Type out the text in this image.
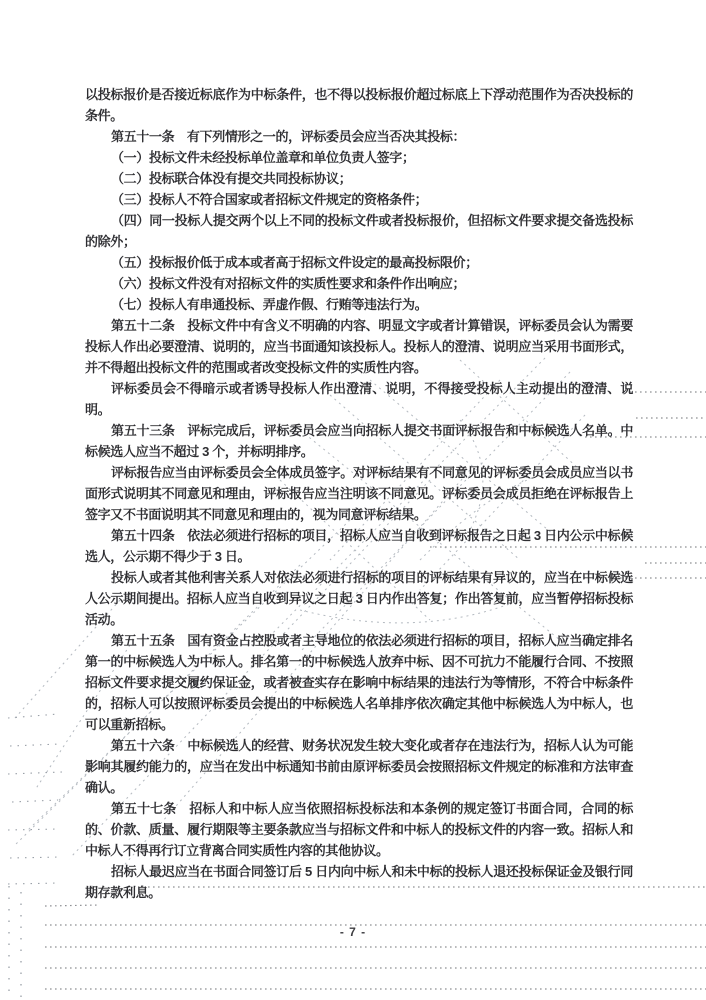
以投标报价是否接近标底作为中标条件，也不得以投标报价超过标底上下浮动范围作为否决投标的条件。

第五十一条　有下列情形之一的，评标委员会应当否决其投标：

（一）投标文件未经投标单位盖章和单位负责人签字；

（二）投标联合体没有提交共同投标协议；

（三）投标人不符合国家或者招标文件规定的资格条件；

（四）同一投标人提交两个以上不同的投标文件或者投标报价，但招标文件要求提交备选投标的除外；

（五）投标报价低于成本或者高于招标文件设定的最高投标限价；

（六）投标文件没有对招标文件的实质性要求和条件作出响应；

（七）投标人有串通投标、弄虚作假、行贿等违法行为。

第五十二条　投标文件中有含义不明确的内容、明显文字或者计算错误，评标委员会认为需要投标人作出必要澄清、说明的，应当书面通知该投标人。投标人的澄清、说明应当采用书面形式，并不得超出投标文件的范围或者改变投标文件的实质性内容。

评标委员会不得暗示或者诱导投标人作出澄清、说明，不得接受投标人主动提出的澄清、说明。

第五十三条　评标完成后，评标委员会应当向招标人提交书面评标报告和中标候选人名单。中标候选人应当不超过 3 个，并标明排序。

评标报告应当由评标委员会全体成员签字。对评标结果有不同意见的评标委员会成员应当以书面形式说明其不同意见和理由，评标报告应当注明该不同意见。评标委员会成员拒绝在评标报告上签字又不书面说明其不同意见和理由的，视为同意评标结果。

第五十四条　依法必须进行招标的项目，招标人应当自收到评标报告之日起 3 日内公示中标候选人，公示期不得少于 3 日。

投标人或者其他利害关系人对依法必须进行招标的项目的评标结果有异议的，应当在中标候选人公示期间提出。招标人应当自收到异议之日起 3 日内作出答复；作出答复前，应当暂停招标投标活动。

第五十五条　国有资金占控股或者主导地位的依法必须进行招标的项目，招标人应当确定排名第一的中标候选人为中标人。排名第一的中标候选人放弃中标、因不可抗力不能履行合同、不按照招标文件要求提交履约保证金，或者被查实存在影响中标结果的违法行为等情形，不符合中标条件的，招标人可以按照评标委员会提出的中标候选人名单排序依次确定其他中标候选人为中标人，也可以重新招标。

第五十六条　中标候选人的经营、财务状况发生较大变化或者存在违法行为，招标人认为可能影响其履约能力的，应当在发出中标通知书前由原评标委员会按照招标文件规定的标准和方法审查确认。

第五十七条　招标人和中标人应当依照招标投标法和本条例的规定签订书面合同，合同的标的、价款、质量、履行期限等主要条款应当与招标文件和中标人的投标文件的内容一致。招标人和中标人不得再行订立背离合同实质性内容的其他协议。

招标人最迟应当在书面合同签订后 5 日内向中标人和未中标的投标人退还投标保证金及银行同期存款利息。

- 7 -
